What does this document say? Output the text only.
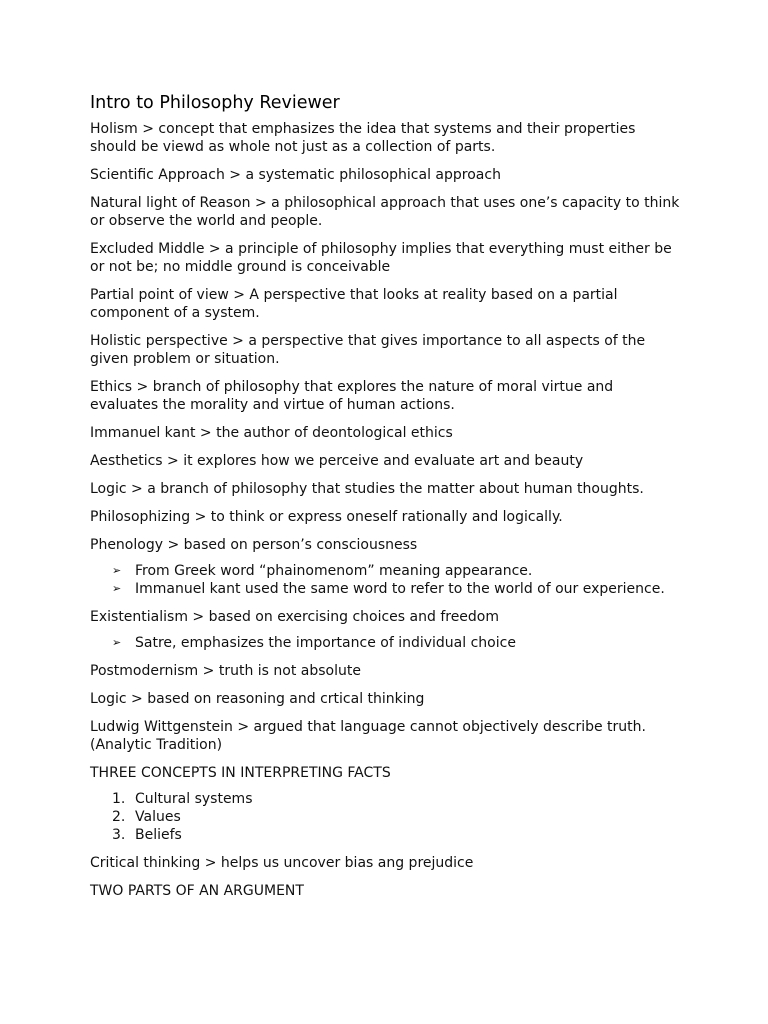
Intro to Philosophy Reviewer
Holism > concept that emphasizes the idea that systems and their properties should be viewd as whole not just as a collection of parts.
Scientific Approach > a systematic philosophical approach
Natural light of Reason > a philosophical approach that uses one’s capacity to think or observe the world and people.
Excluded Middle > a principle of philosophy implies that everything must either be or not be; no middle ground is conceivable
Partial point of view > A perspective that looks at reality based on a partial component of a system.
Holistic perspective > a perspective that gives importance to all aspects of the given problem or situation.
Ethics > branch of philosophy that explores the nature of moral virtue and evaluates the morality and virtue of human actions.
Immanuel kant > the author of deontological ethics
Aesthetics > it explores how we perceive and evaluate art and beauty
Logic > a branch of philosophy that studies the matter about human thoughts.
Philosophizing > to think or express oneself rationally and logically.
Phenology > based on person’s consciousness
➢ From Greek word “phainomenom” meaning appearance.
➢ Immanuel kant used the same word to refer to the world of our experience.
Existentialism > based on exercising choices and freedom
➢ Satre, emphasizes the importance of individual choice
Postmodernism > truth is not absolute
Logic > based on reasoning and crtical thinking
Ludwig Wittgenstein > argued that language cannot objectively describe truth. (Analytic Tradition)
THREE CONCEPTS IN INTERPRETING FACTS
1. Cultural systems
2. Values
3. Beliefs
Critical thinking > helps us uncover bias ang prejudice
TWO PARTS OF AN ARGUMENT
